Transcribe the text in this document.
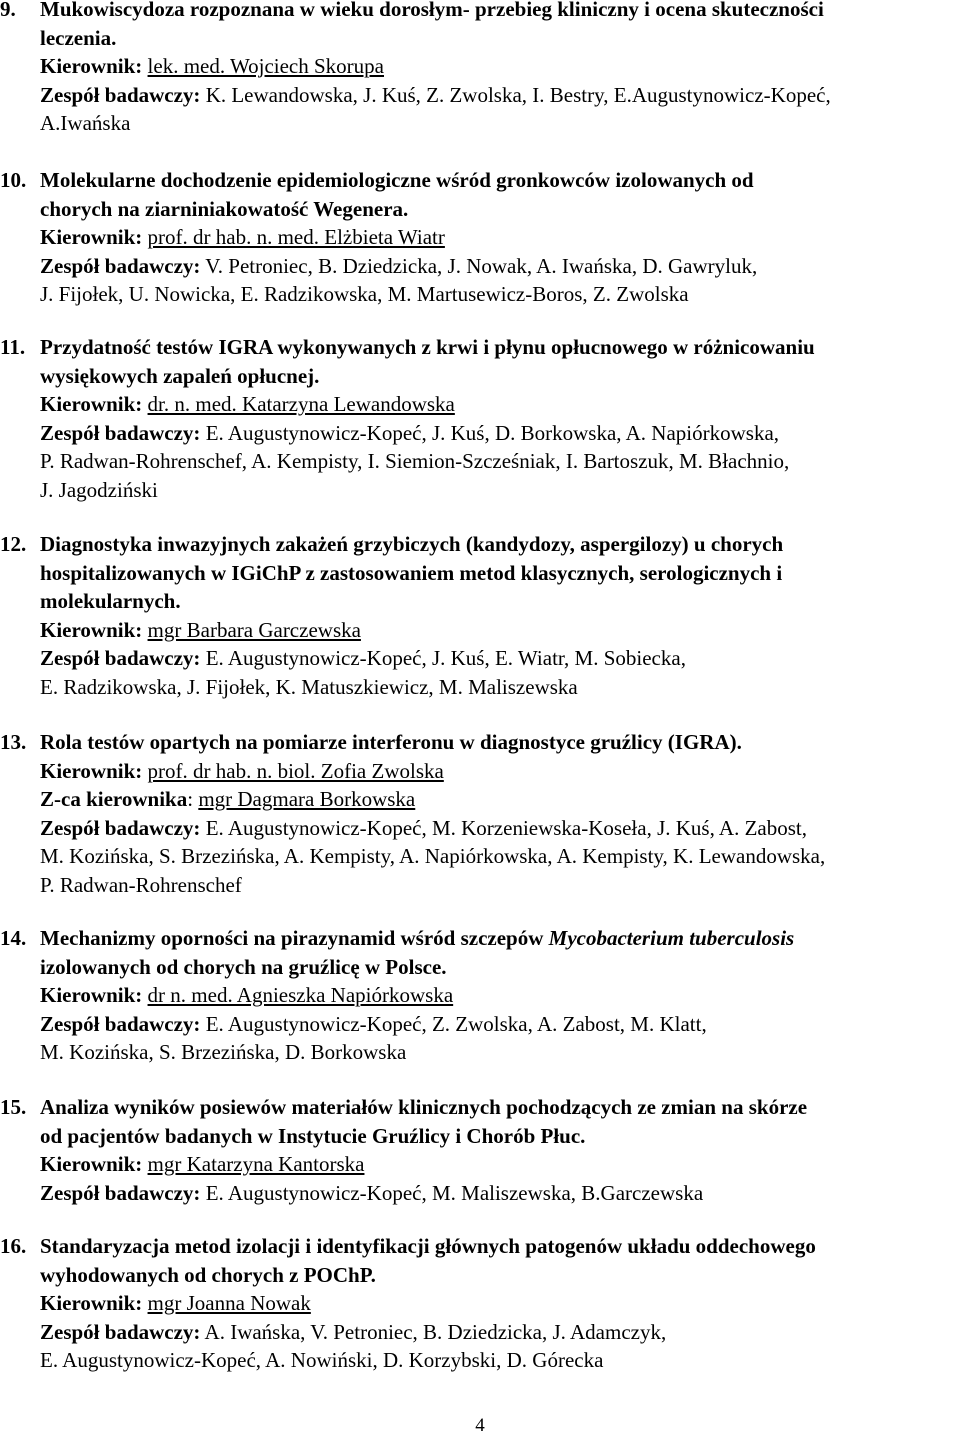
9.	Mukowiscydoza rozpoznana w wieku dorosłym- przebieg kliniczny i ocena skuteczności
leczenia.
Kierownik: lek. med. Wojciech Skorupa
Zespół badawczy: K. Lewandowska, J. Kuś, Z. Zwolska, I. Bestry, E.Augustynowicz-Kopeć,
A.Iwańska
10. Molekularne dochodzenie epidemiologiczne wśród gronkowców izolowanych od
chorych na ziarniniakowatość Wegenera.
Kierownik: prof. dr hab. n. med. Elżbieta Wiatr
Zespół badawczy: V. Petroniec, B. Dziedzicka, J. Nowak, A. Iwańska, D. Gawryluk,
J. Fijołek, U. Nowicka, E. Radzikowska, M. Martusewicz-Boros, Z. Zwolska
11. Przydatność testów IGRA wykonywanych z krwi i płynu opłucnowego w różnicowaniu
wysiękowych zapaleń opłucnej.
Kierownik: dr. n. med. Katarzyna Lewandowska
Zespół badawczy: E. Augustynowicz-Kopeć, J. Kuś, D. Borkowska, A. Napiórkowska,
P. Radwan-Rohrenschef, A. Kempisty, I. Siemion-Szcześniak, I. Bartoszuk, M. Błachnio,
J. Jagodziński
12. Diagnostyka inwazyjnych zakażeń grzybiczych (kandydozy, aspergilozy) u chorych
hospitalizowanych w IGiChP z zastosowaniem metod klasycznych, serologicznych i
molekularnych.
Kierownik: mgr Barbara Garczewska
Zespół badawczy: E. Augustynowicz-Kopeć, J. Kuś, E. Wiatr, M. Sobiecka,
E. Radzikowska, J. Fijołek, K. Matuszkiewicz, M. Maliszewska
13. Rola testów opartych na pomiarze interferonu w diagnostyce gruźlicy (IGRA).
Kierownik: prof. dr hab. n. biol. Zofia Zwolska
Z-ca kierownika: mgr Dagmara Borkowska
Zespół badawczy: E. Augustynowicz-Kopeć, M. Korzeniewska-Koseła, J. Kuś, A. Zabost,
M. Kozińska, S. Brzezińska, A. Kempisty, A. Napiórkowska, A. Kempisty, K. Lewandowska,
P. Radwan-Rohrenschef
14. Mechanizmy oporności na pirazynamid wśród szczepów Mycobacterium tuberculosis
izolowanych od chorych na gruźlicę w Polsce.
Kierownik: dr n. med. Agnieszka Napiórkowska
Zespół badawczy: E. Augustynowicz-Kopeć, Z. Zwolska, A. Zabost, M. Klatt,
M. Kozińska, S. Brzezińska, D. Borkowska
15. Analiza wyników posiewów materiałów klinicznych pochodzących ze zmian na skórze
od pacjentów badanych w Instytucie Gruźlicy i Chorób Płuc.
Kierownik: mgr Katarzyna Kantorska
Zespół badawczy: E. Augustynowicz-Kopeć, M. Maliszewska, B.Garczewska
16. Standaryzacja metod izolacji i identyfikacji głównych patogenów układu oddechowego
wyhodowanych od chorych z POChP.
Kierownik: mgr Joanna Nowak
Zespół badawczy: A. Iwańska, V. Petroniec, B. Dziedzicka, J. Adamczyk,
E. Augustynowicz-Kopeć, A. Nowiński, D. Korzybski, D. Górecka
4
